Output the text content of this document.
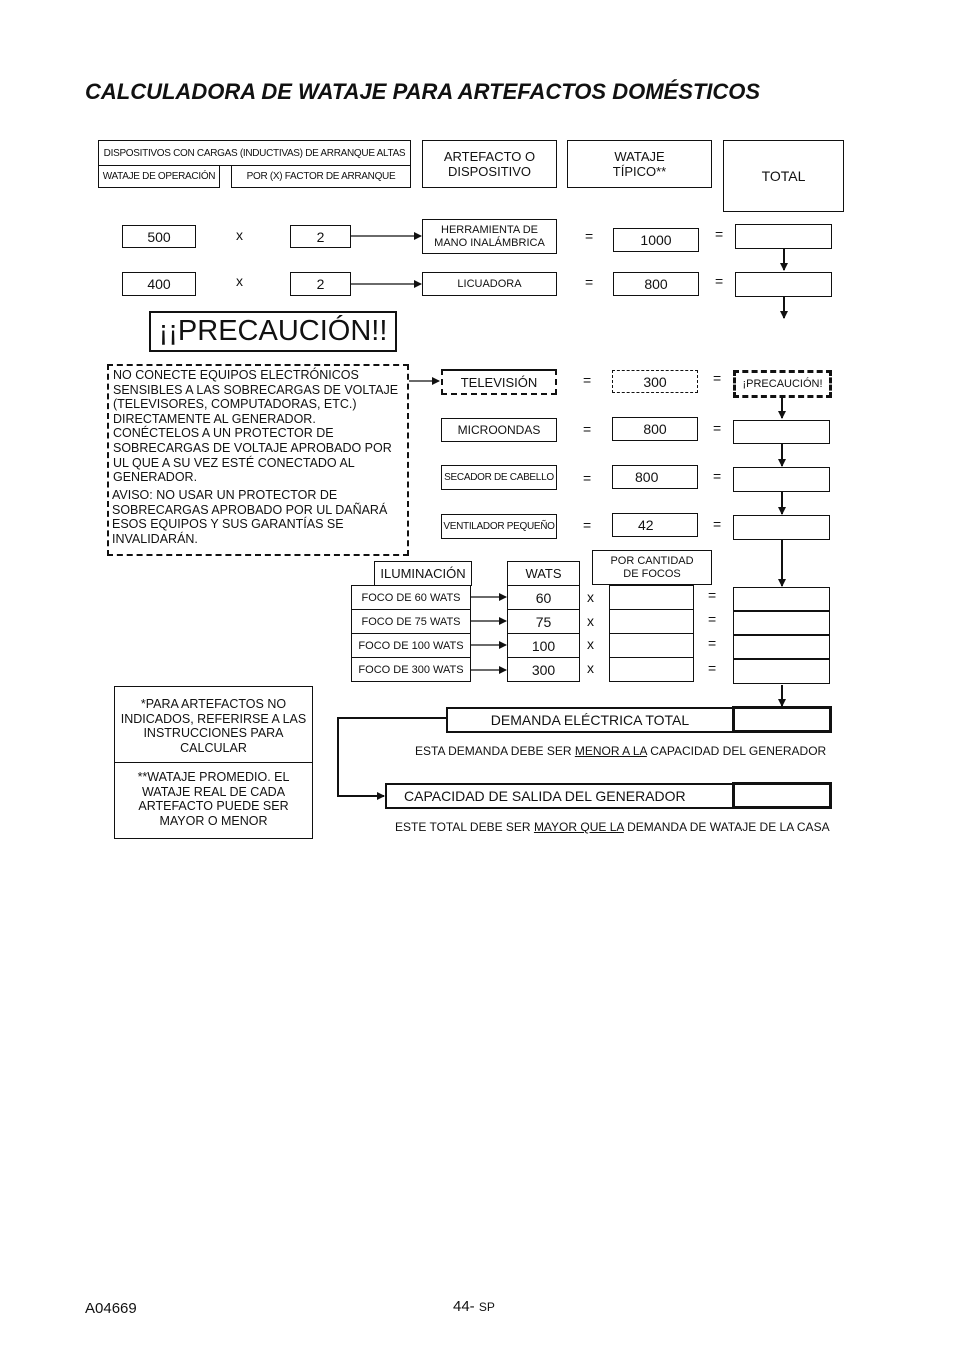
CALCULADORA DE WATAJE PARA ARTEFACTOS DOMÉSTICOS
DISPOSITIVOS CON CARGAS (INDUCTIVAS) DE ARRANQUE ALTAS
WATAJE DE OPERACIÓN	POR (X) FACTOR DE ARRANQUE
ARTEFACTO O DISPOSITIVO
WATAJE TÍPICO**	TOTAL
500	x	2	HERRAMIENTA DE MANO INALÁMBRICA	=	1000	=
400	x	2	LICUADORA	=	800	=
¡¡PRECAUCIÓN!!
NO CONECTE EQUIPOS ELECTRÓNICOS SENSIBLES A LAS SOBRECARGAS DE VOLTAJE (TELEVISORES, COMPUTADORAS, ETC.) DIRECTAMENTE AL GENERADOR. CONÉCTELOS A UN PROTECTOR DE SOBRECARGAS DE VOLTAJE APROBADO POR UL QUE A SU VEZ ESTÉ CONECTADO AL GENERADOR.
AVISO: NO USAR UN PROTECTOR DE SOBRECARGAS APROBADO POR UL DAÑARÁ ESOS EQUIPOS Y SUS GARANTÍAS SE INVALIDARÁN.
TELEVISIÓN	=	300	=	¡PRECAUCIÓN!
MICROONDAS	=	800	=
SECADOR DE CABELLO =	800	=
VENTILADOR PEQUEÑO =	42	=
ILUMINACIÓN	WATS
POR CANTIDAD DE FOCOS
FOCO DE 60 WATS	60	x	=
FOCO DE 75 WATS	75	x	=
FOCO DE 100 WATS	100	x	=
FOCO DE 300 WATS	300	x	=
*PARA ARTEFACTOS NO INDICADOS, REFERIRSE A LAS INSTRUCCIONES PARA CALCULAR
**WATAJE PROMEDIO. EL WATAJE REAL DE CADA ARTEFACTO PUEDE SER MAYOR O MENOR
DEMANDA ELÉCTRICA TOTAL
ESTA DEMANDA DEBE SER MENOR A LA CAPACIDAD DEL GENERADOR
CAPACIDAD DE SALIDA DEL GENERADOR
ESTE TOTAL DEBE SER MAYOR QUE LA DEMANDA DE WATAJE DE LA CASA
A04669	44- SP
